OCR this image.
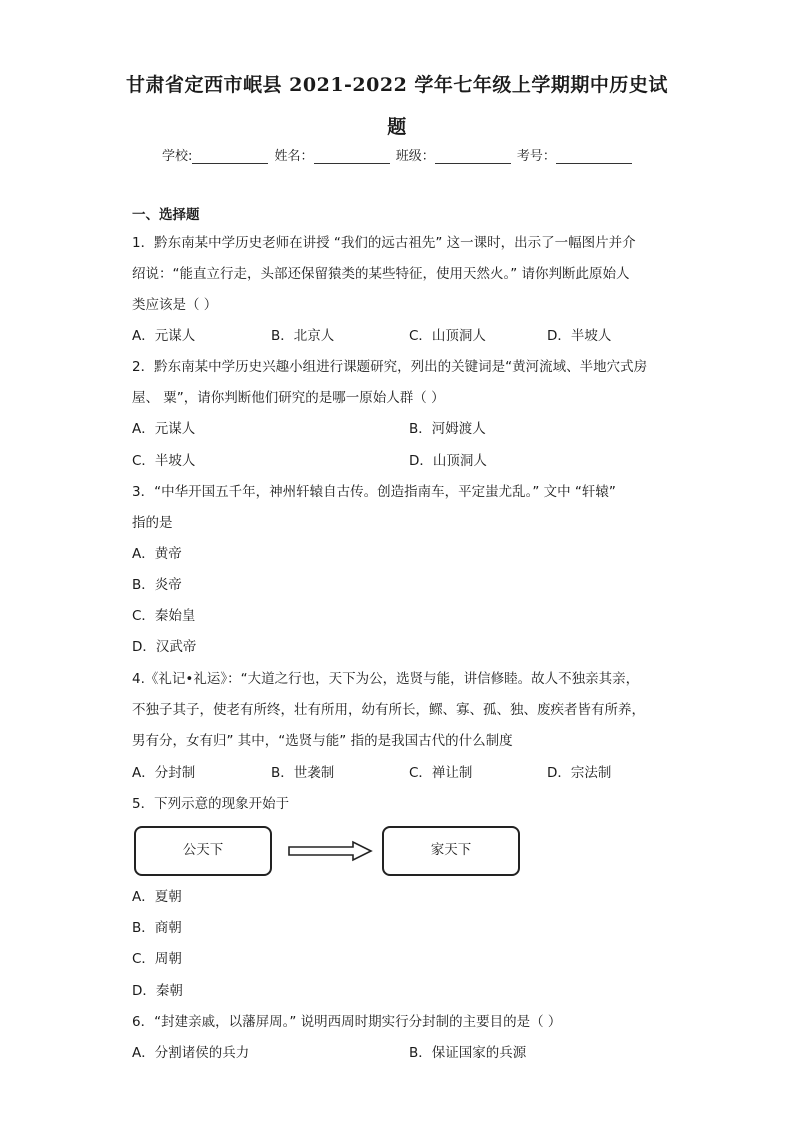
甘肃省定西市岷县 2021-2022 学年七年级上学期期中历史试
题
学校:	姓名：	班级：	考号：
一、选择题
1．黔东南某中学历史老师在讲授 “我们的远古祖先” 这一课时，出示了一幅图片并介
绍说：“能直立行走，头部还保留猿类的某些特征，使用天然火。” 请你判断此原始人
类应该是（ ）
A．元谋人	B．北京人	C．山顶洞人	D．半坡人
2．黔东南某中学历史兴趣小组进行课题研究，列出的关键词是“黄河流域、半地穴式房
屋、 粟”，请你判断他们研究的是哪一原始人群（ ）
A．元谋人	B．河姆渡人
C．半坡人	D．山顶洞人
3．“中华开国五千年，神州轩辕自古传。创造指南车，平定蚩尤乱。” 文中 “轩辕”
指的是
A．黄帝
B．炎帝
C．秦始皇
D．汉武帝
4.《礼记•礼运》：“大道之行也，天下为公，选贤与能，讲信修睦。故人不独亲其亲，
不独子其子，使老有所终，壮有所用，幼有所长，鳏、寡、孤、独、废疾者皆有所养，
男有分，女有归” 其中，“选贤与能” 指的是我国古代的什么制度
A．分封制	B．世袭制	C．禅让制	D．宗法制
5．下列示意的现象开始于
公天下	家天下
A．夏朝
B．商朝
C．周朝
D．秦朝
6．“封建亲戚，以藩屏周。” 说明西周时期实行分封制的主要目的是（ ）
A．分割诸侯的兵力	B．保证国家的兵源
